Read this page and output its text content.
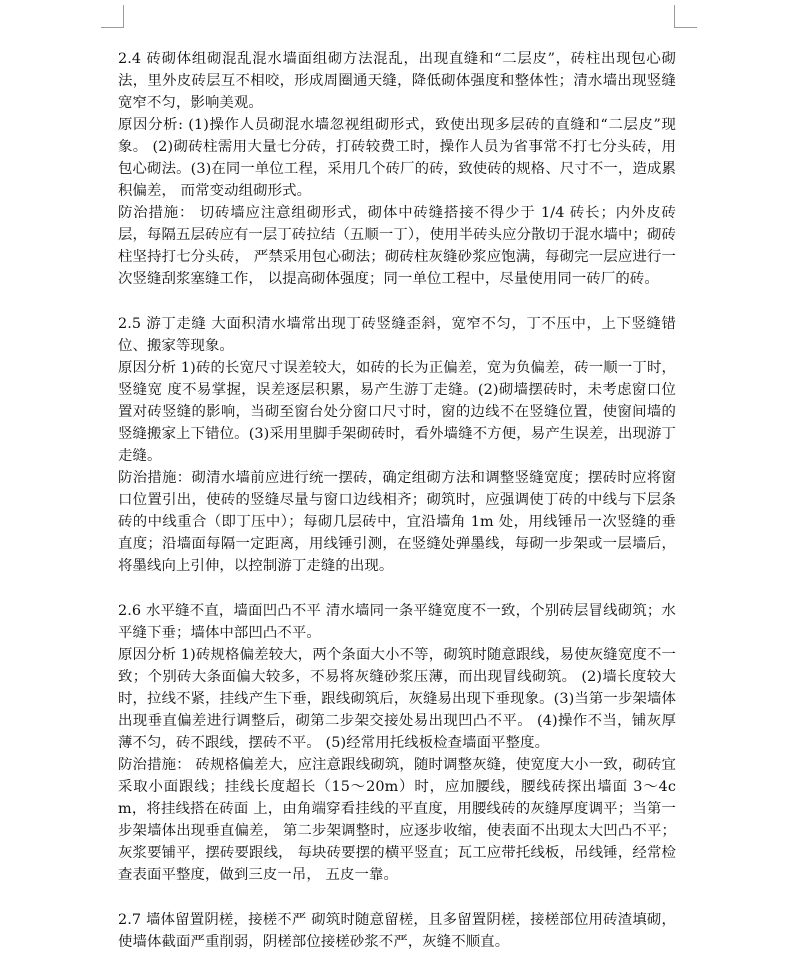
2.4 砖砌体组砌混乱混水墙面组砌方法混乱，出现直缝和“二层皮”，砖柱出现包心砌法，里外皮砖层互不相咬，形成周圈通天缝，降低砌体强度和整体性；清水墙出现竖缝宽窄不匀，影响美观。

原因分析: (1)操作人员砌混水墙忽视组砌形式，致使出现多层砖的直缝和“二层皮”现象。 (2)砌砖柱需用大量七分砖，打砖较费工时，操作人员为省事常不打七分头砖，用包心砌法。(3)在同一单位工程，采用几个砖厂的砖，致使砖的规格、尺寸不一，造成累积偏差， 而常变动组砌形式。

防治措施： 切砖墙应注意组砌形式，砌体中砖缝搭接不得少于 1/4 砖长；内外皮砖层，每隔五层砖应有一层丁砖拉结（五顺一丁），使用半砖头应分散切于混水墙中；砌砖柱坚持打七分头砖， 严禁采用包心砌法；砌砖柱灰缝砂浆应饱满，每砌完一层应进行一次竖缝刮浆塞缝工作， 以提高砌体强度；同一单位工程中，尽量使用同一砖厂的砖。

2.5 游丁走缝 大面积清水墙常出现丁砖竖缝歪斜，宽窄不匀，丁不压中，上下竖缝错位、搬家等现象。

原因分析 1)砖的长宽尺寸误差较大，如砖的长为正偏差，宽为负偏差，砖一顺一丁时，竖缝宽 度不易掌握，误差逐层积累，易产生游丁走缝。(2)砌墙摆砖时，未考虑窗口位置对砖竖缝的影响，当砌至窗台处分窗口尺寸时，窗的边线不在竖缝位置，使窗间墙的竖缝搬家上下错位。(3)采用里脚手架砌砖时，看外墙缝不方便，易产生误差，出现游丁走缝。

防治措施：砌清水墙前应进行统一摆砖，确定组砌方法和调整竖缝宽度；摆砖时应将窗口位置引出，使砖的竖缝尽量与窗口边线相齐；砌筑时，应强调使丁砖的中线与下层条砖的中线重合（即丁压中）；每砌几层砖中，宜沿墙角 1m 处，用线锤吊一次竖缝的垂直度；沿墙面每隔一定距离，用线锤引测，在竖缝处弹墨线，每砌一步架或一层墙后，将墨线向上引伸，以控制游丁走缝的出现。

2.6 水平缝不直，墙面凹凸不平 清水墙同一条平缝宽度不一致，个别砖层冒线砌筑；水平缝下垂；墙体中部凹凸不平。

原因分析 1)砖规格偏差较大，两个条面大小不等，砌筑时随意跟线，易使灰缝宽度不一致；个别砖大条面偏大较多，不易将灰缝砂浆压薄，而出现冒线砌筑。 (2)墙长度较大时，拉线不紧，挂线产生下垂，跟线砌筑后，灰缝易出现下垂现象。(3)当第一步架墙体出现垂直偏差进行调整后，砌第二步架交接处易出现凹凸不平。 (4)操作不当，铺灰厚薄不匀，砖不跟线，摆砖不平。 (5)经常用托线板检查墙面平整度。

防治措施： 砖规格偏差大，应注意跟线砌筑，随时调整灰缝，使宽度大小一致，砌砖宜采取小面跟线；挂线长度超长（15～20m）时，应加腰线，腰线砖探出墙面 3～4cm，将挂线搭在砖面 上，由角端穿看挂线的平直度，用腰线砖的灰缝厚度调平；当第一步架墙体出现垂直偏差， 第二步架调整时，应逐步收缩，使表面不出现太大凹凸不平；灰浆要铺平，摆砖要跟线， 每块砖要摆的横平竖直；瓦工应带托线板，吊线锤，经常检查表面平整度，做到三皮一吊， 五皮一靠。

2.7 墙体留置阴槎，接槎不严 砌筑时随意留槎，且多留置阴槎，接槎部位用砖渣填砌，使墙体截面严重削弱，阴槎部位接槎砂浆不严，灰缝不顺直。
